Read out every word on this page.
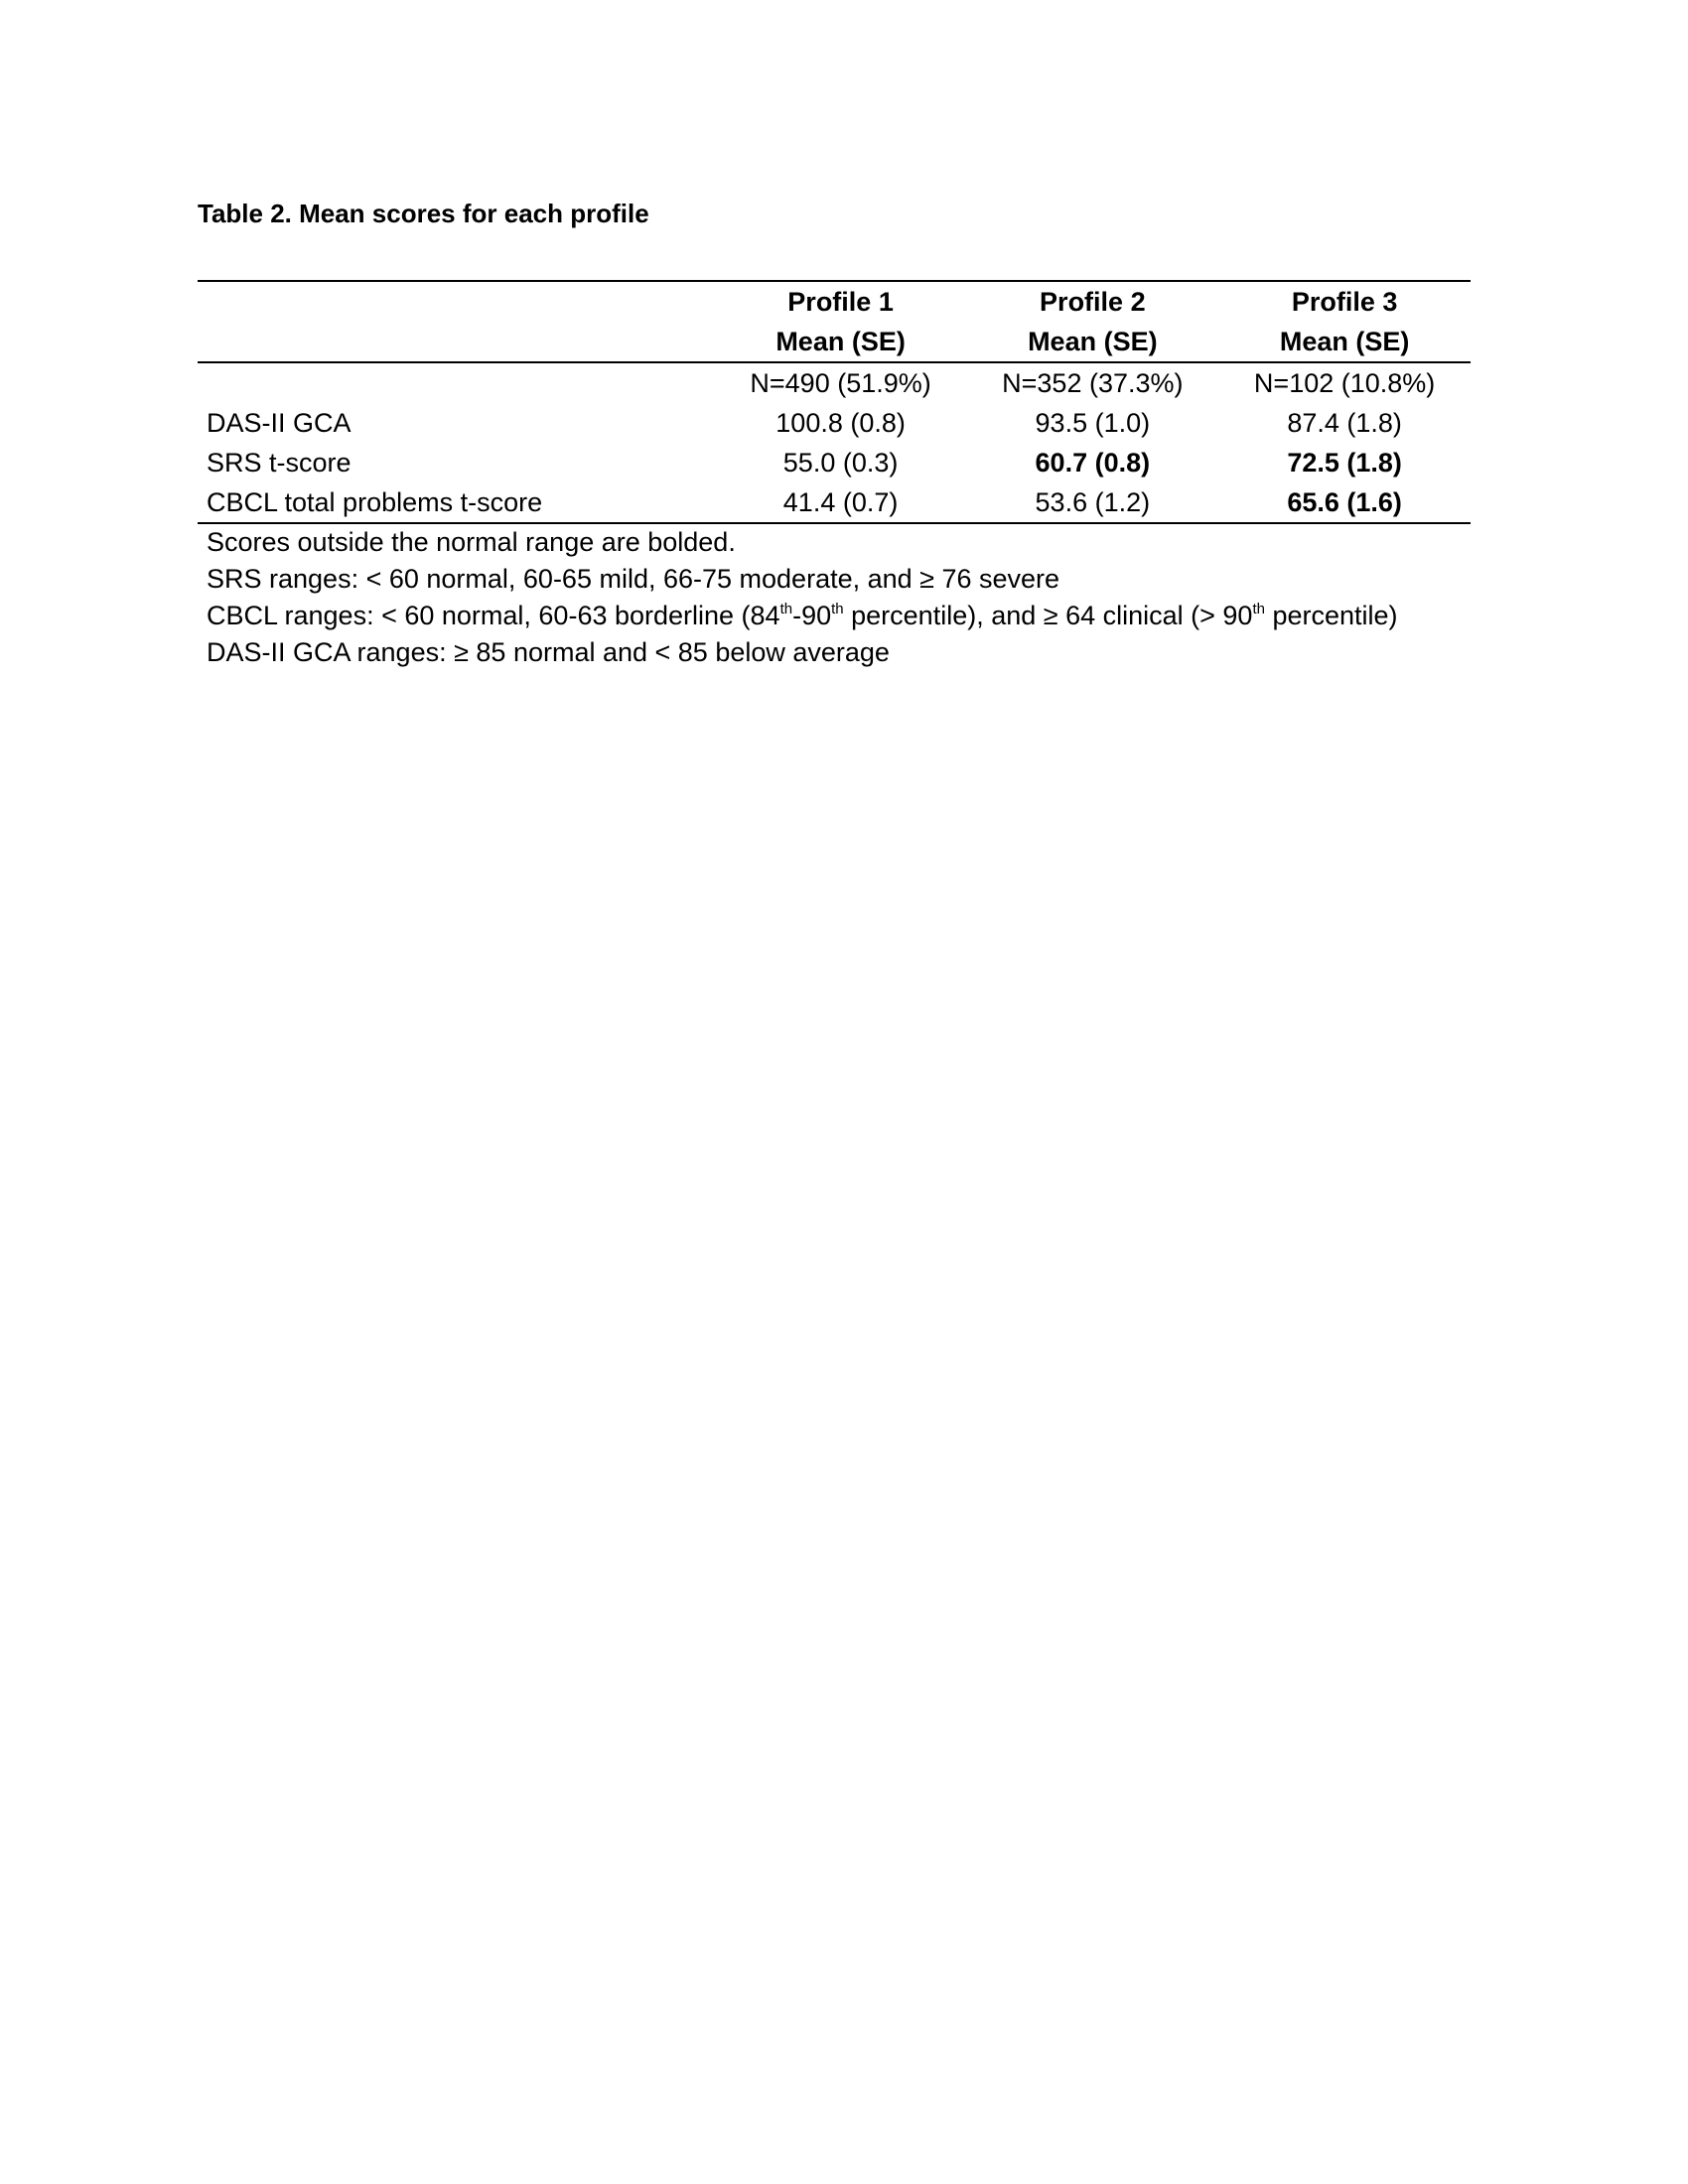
Table 2. Mean scores for each profile
	Profile 1	Profile 2	Profile 3
	Mean (SE)	Mean (SE)	Mean (SE)
	N=490 (51.9%)	N=352 (37.3%)	N=102 (10.8%)
DAS-II GCA	100.8 (0.8)	93.5 (1.0)	87.4 (1.8)
SRS t-score	55.0 (0.3)	60.7 (0.8)	72.5 (1.8)
CBCL total problems t-score	41.4 (0.7)	53.6 (1.2)	65.6 (1.6)
Scores outside the normal range are bolded.
SRS ranges: < 60 normal, 60-65 mild, 66-75 moderate, and ≥ 76 severe
CBCL ranges: < 60 normal, 60-63 borderline (84th-90th percentile), and ≥ 64 clinical (> 90th percentile)
DAS-II GCA ranges: ≥ 85 normal and < 85 below average
